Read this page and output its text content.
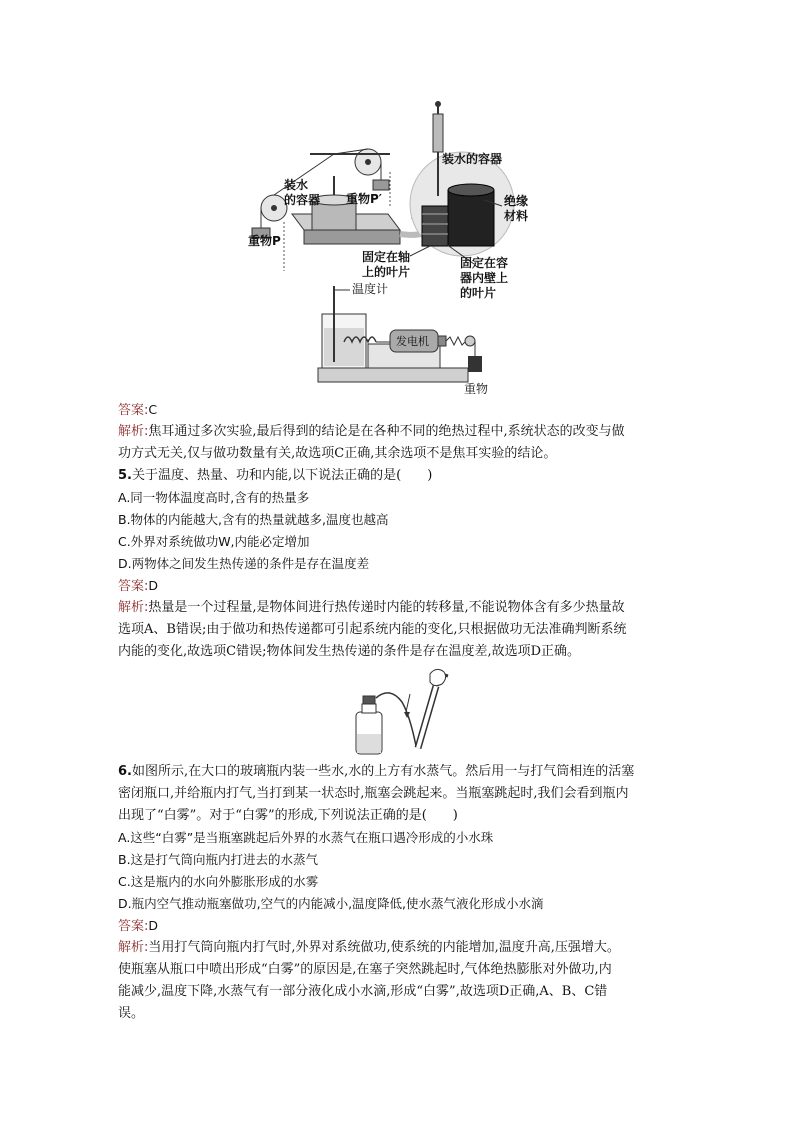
装水
的容器 重物P′
重物P
装水的容器
绝缘
材料
固定在轴
上的叶片
固定在容
器内壁上
的叶片
温度计
发电机
重物
答案:C
解析:焦耳通过多次实验,最后得到的结论是在各种不同的绝热过程中,系统状态的改变与做
功方式无关,仅与做功数量有关,故选项C正确,其余选项不是焦耳实验的结论。
5.关于温度、热量、功和内能,以下说法正确的是(　　)
A.同一物体温度高时,含有的热量多
B.物体的内能越大,含有的热量就越多,温度也越高
C.外界对系统做功W,内能必定增加
D.两物体之间发生热传递的条件是存在温度差
答案:D
解析:热量是一个过程量,是物体间进行热传递时内能的转移量,不能说物体含有多少热量故
选项A、B错误;由于做功和热传递都可引起系统内能的变化,只根据做功无法准确判断系统
内能的变化,故选项C错误;物体间发生热传递的条件是存在温度差,故选项D正确。
6.如图所示,在大口的玻璃瓶内装一些水,水的上方有水蒸气。然后用一与打气筒相连的活塞
密闭瓶口,并给瓶内打气,当打到某一状态时,瓶塞会跳起来。当瓶塞跳起时,我们会看到瓶内
出现了“白雾”。对于“白雾”的形成,下列说法正确的是(　　)
A.这些“白雾”是当瓶塞跳起后外界的水蒸气在瓶口遇冷形成的小水珠
B.这是打气筒向瓶内打进去的水蒸气
C.这是瓶内的水向外膨胀形成的水雾
D.瓶内空气推动瓶塞做功,空气的内能减小,温度降低,使水蒸气液化形成小水滴
答案:D
解析:当用打气筒向瓶内打气时,外界对系统做功,使系统的内能增加,温度升高,压强增大。
使瓶塞从瓶口中喷出形成“白雾”的原因是,在塞子突然跳起时,气体绝热膨胀对外做功,内
能减少,温度下降,水蒸气有一部分液化成小水滴,形成“白雾”,故选项D正确,A、B、C错
误。
